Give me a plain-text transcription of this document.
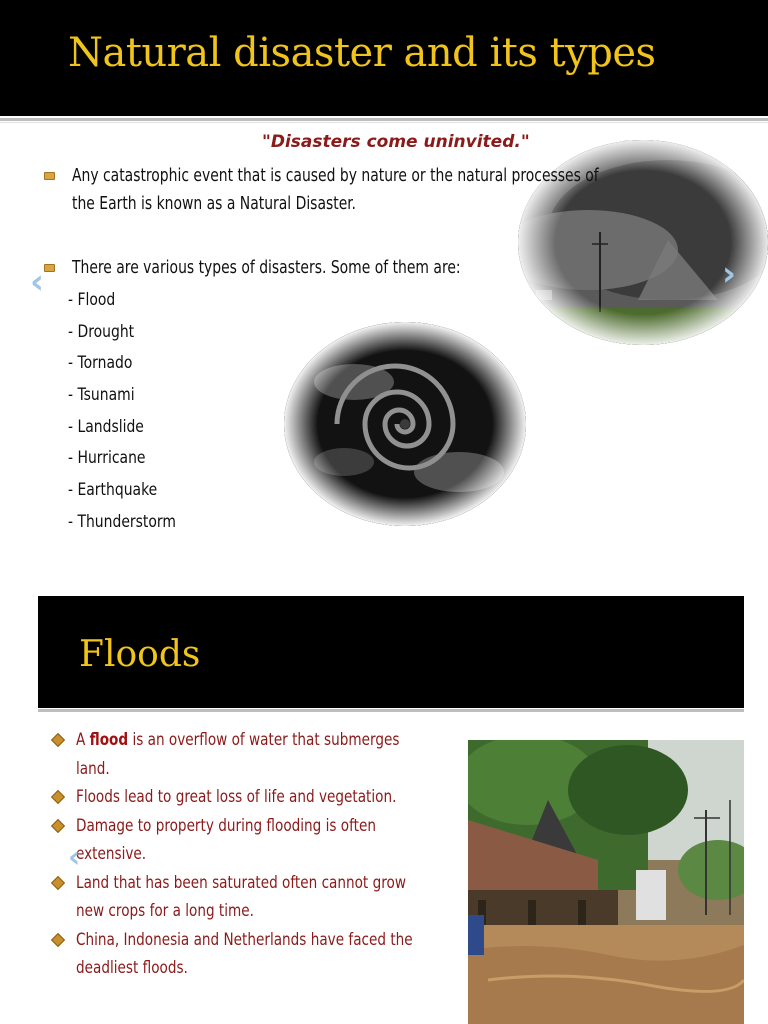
Natural disaster and its types
"Disasters come uninvited."
Any catastrophic event that is caused by nature or the natural processes of
the Earth is known as a Natural Disaster.
There are various types of disasters. Some of them are:
- Flood
- Drought
- Tornado
- Tsunami
- Landslide
- Hurricane
- Earthquake
- Thunderstorm
‹	›
Floods
A flood is an overflow of water that submerges
land.
Floods lead to great loss of life and vegetation.
Damage to property during flooding is often
extensive.
Land that has been saturated often cannot grow
new crops for a long time.
China, Indonesia and Netherlands have faced the
deadliest floods.
‹
